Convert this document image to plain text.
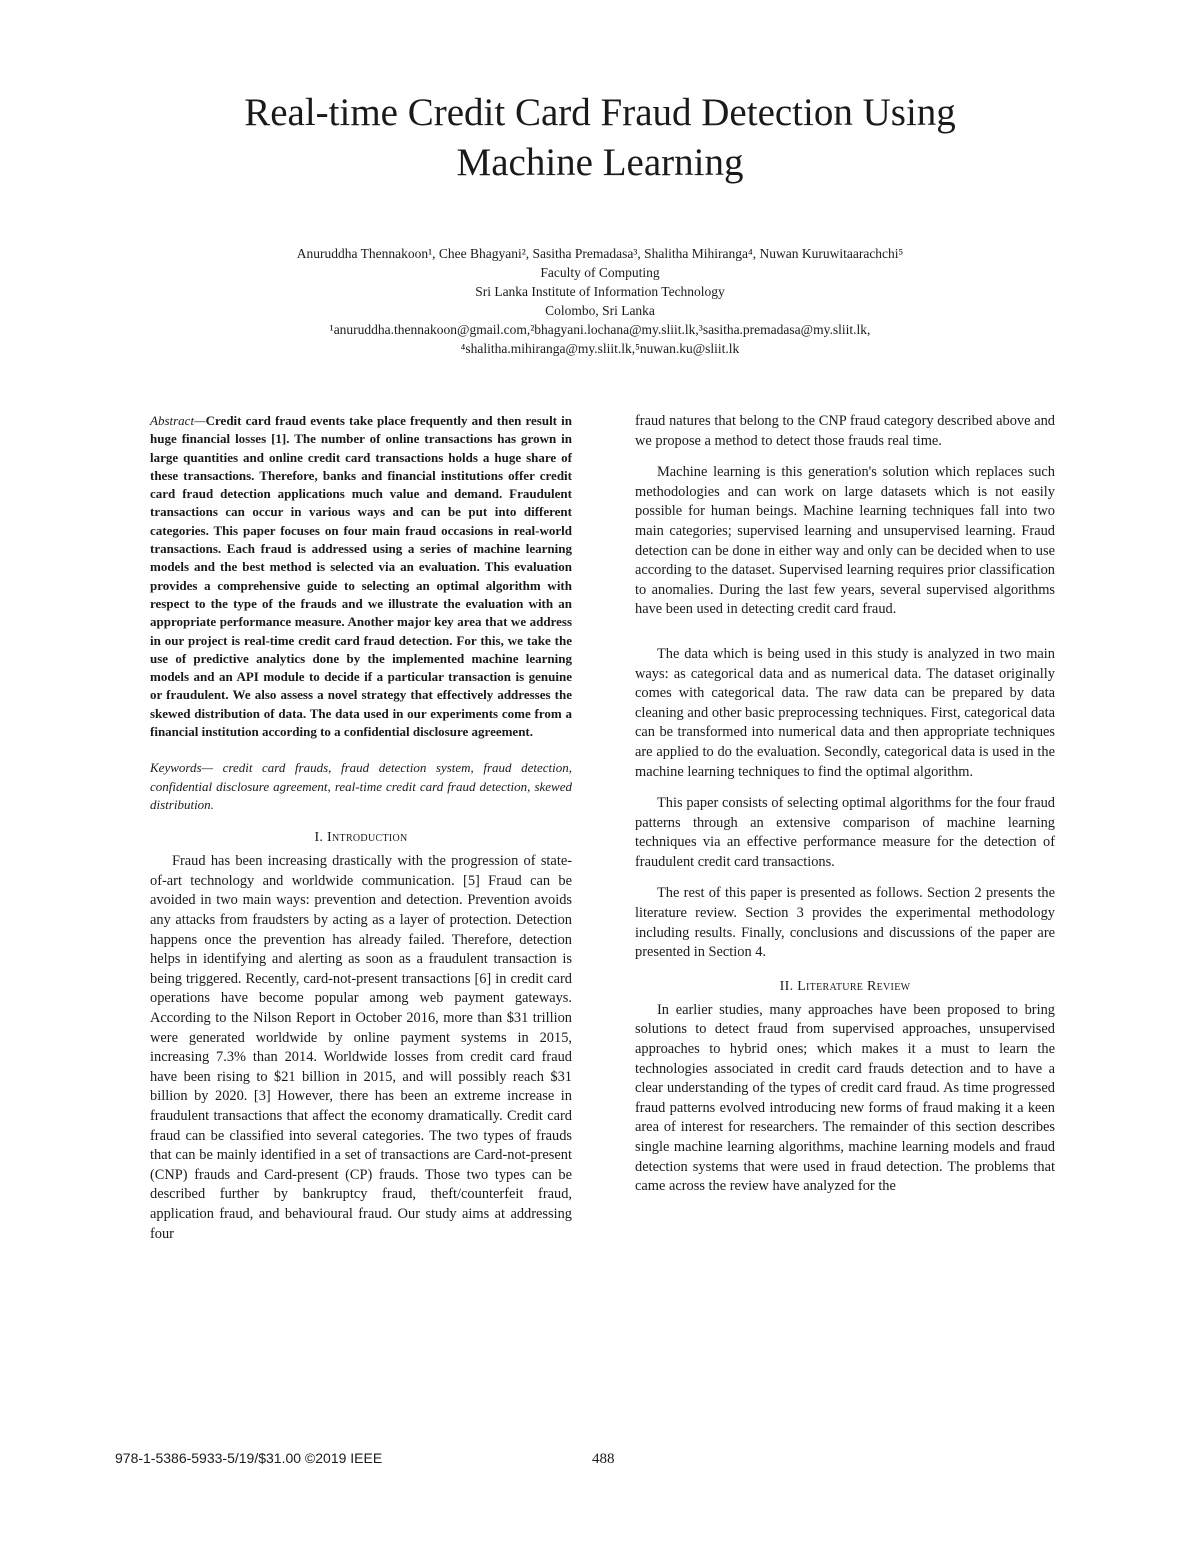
Real-time Credit Card Fraud Detection Using
Machine Learning
Anuruddha Thennakoon¹, Chee Bhagyani², Sasitha Premadasa³, Shalitha Mihiranga⁴, Nuwan Kuruwitaarachchi⁵
Faculty of Computing
Sri Lanka Institute of Information Technology
Colombo, Sri Lanka
¹anuruddha.thennakoon@gmail.com,²bhagyani.lochana@my.sliit.lk,³sasitha.premadasa@my.sliit.lk,
⁴shalitha.mihiranga@my.sliit.lk,⁵nuwan.ku@sliit.lk

Abstract—Credit card fraud events take place frequently and then result in huge financial losses [1]. The number of online transactions has grown in large quantities and online credit card transactions holds a huge share of these transactions. Therefore, banks and financial institutions offer credit card fraud detection applications much value and demand. Fraudulent transactions can occur in various ways and can be put into different categories. This paper focuses on four main fraud occasions in real-world transactions. Each fraud is addressed using a series of machine learning models and the best method is selected via an evaluation. This evaluation provides a comprehensive guide to selecting an optimal algorithm with respect to the type of the frauds and we illustrate the evaluation with an appropriate performance measure. Another major key area that we address in our project is real-time credit card fraud detection. For this, we take the use of predictive analytics done by the implemented machine learning models and an API module to decide if a particular transaction is genuine or fraudulent. We also assess a novel strategy that effectively addresses the skewed distribution of data. The data used in our experiments come from a financial institution according to a confidential disclosure agreement.

Keywords— credit card frauds, fraud detection system, fraud detection, confidential disclosure agreement, real-time credit card fraud detection, skewed distribution.

I. Introduction

Fraud has been increasing drastically with the progression of state-of-art technology and worldwide communication. [5] Fraud can be avoided in two main ways: prevention and detection. Prevention avoids any attacks from fraudsters by acting as a layer of protection. Detection happens once the prevention has already failed. Therefore, detection helps in identifying and alerting as soon as a fraudulent transaction is being triggered. Recently, card-not-present transactions [6] in credit card operations have become popular among web payment gateways. According to the Nilson Report in October 2016, more than $31 trillion were generated worldwide by online payment systems in 2015, increasing 7.3% than 2014. Worldwide losses from credit card fraud have been rising to $21 billion in 2015, and will possibly reach $31 billion by 2020. [3] However, there has been an extreme increase in fraudulent transactions that affect the economy dramatically. Credit card fraud can be classified into several categories. The two types of frauds that can be mainly identified in a set of transactions are Card-not-present (CNP) frauds and Card-present (CP) frauds. Those two types can be described further by bankruptcy fraud, theft/counterfeit fraud, application fraud, and behavioural fraud. Our study aims at addressing four

fraud natures that belong to the CNP fraud category described above and we propose a method to detect those frauds real time.

Machine learning is this generation's solution which replaces such methodologies and can work on large datasets which is not easily possible for human beings. Machine learning techniques fall into two main categories; supervised learning and unsupervised learning. Fraud detection can be done in either way and only can be decided when to use according to the dataset. Supervised learning requires prior classification to anomalies. During the last few years, several supervised algorithms have been used in detecting credit card fraud.

The data which is being used in this study is analyzed in two main ways: as categorical data and as numerical data. The dataset originally comes with categorical data. The raw data can be prepared by data cleaning and other basic preprocessing techniques. First, categorical data can be transformed into numerical data and then appropriate techniques are applied to do the evaluation. Secondly, categorical data is used in the machine learning techniques to find the optimal algorithm.

This paper consists of selecting optimal algorithms for the four fraud patterns through an extensive comparison of machine learning techniques via an effective performance measure for the detection of fraudulent credit card transactions.

The rest of this paper is presented as follows. Section 2 presents the literature review. Section 3 provides the experimental methodology including results. Finally, conclusions and discussions of the paper are presented in Section 4.

II. Literature Review

In earlier studies, many approaches have been proposed to bring solutions to detect fraud from supervised approaches, unsupervised approaches to hybrid ones; which makes it a must to learn the technologies associated in credit card frauds detection and to have a clear understanding of the types of credit card fraud. As time progressed fraud patterns evolved introducing new forms of fraud making it a keen area of interest for researchers. The remainder of this section describes single machine learning algorithms, machine learning models and fraud detection systems that were used in fraud detection. The problems that came across the review have analyzed for the

978-1-5386-5933-5/19/$31.00 ©2019 IEEE	488
